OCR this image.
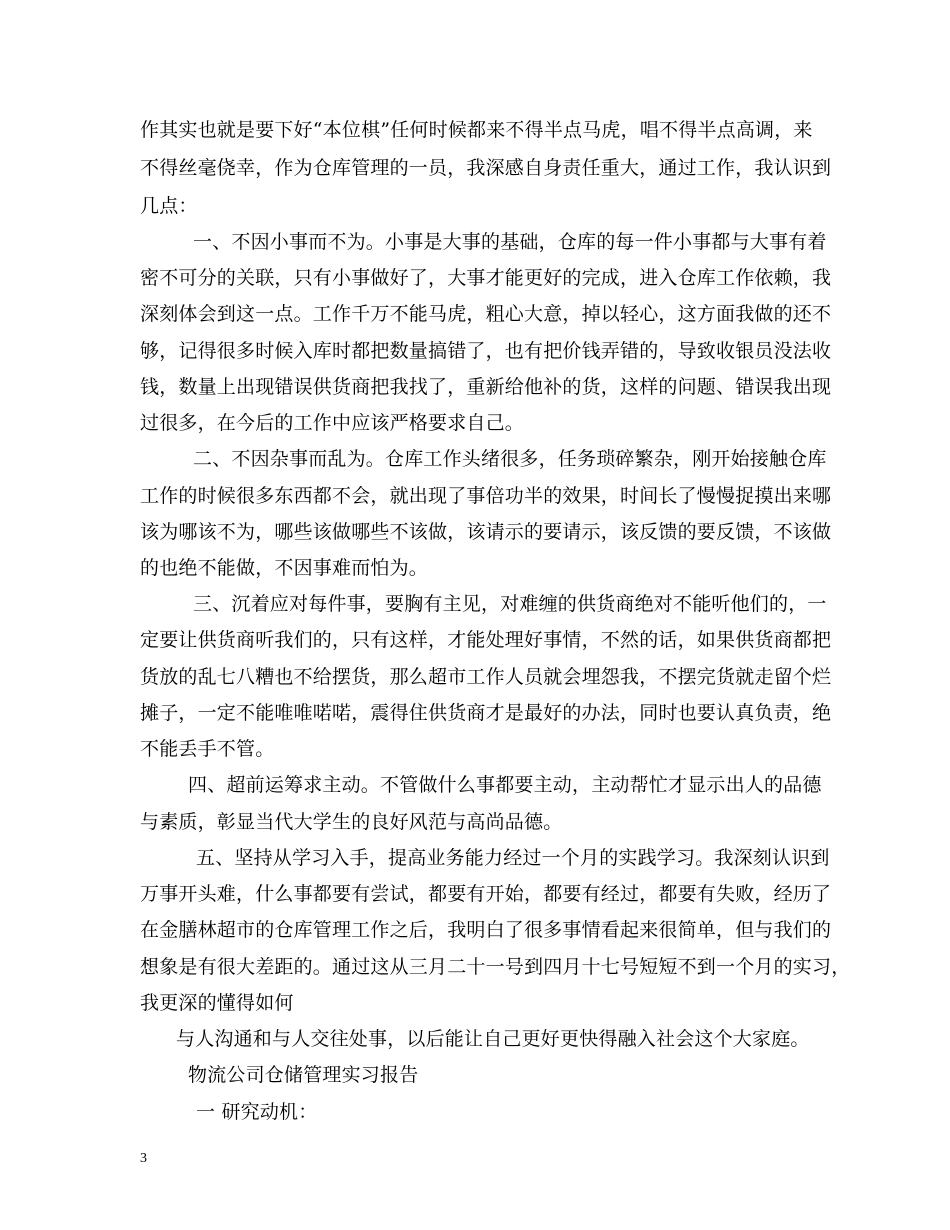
作其实也就是要下好“本位棋”任何时候都来不得半点马虎，唱不得半点高调，来
不得丝毫侥幸，作为仓库管理的一员，我深感自身责任重大，通过工作，我认识到
几点：
一、不因小事而不为。小事是大事的基础，仓库的每一件小事都与大事有着
密不可分的关联，只有小事做好了，大事才能更好的完成，进入仓库工作依赖，我
深刻体会到这一点。工作千万不能马虎，粗心大意，掉以轻心，这方面我做的还不
够，记得很多时候入库时都把数量搞错了，也有把价钱弄错的，导致收银员没法收
钱，数量上出现错误供货商把我找了，重新给他补的货，这样的问题、错误我出现
过很多，在今后的工作中应该严格要求自己。
二、不因杂事而乱为。仓库工作头绪很多，任务琐碎繁杂，刚开始接触仓库
工作的时候很多东西都不会，就出现了事倍功半的效果，时间长了慢慢捉摸出来哪
该为哪该不为，哪些该做哪些不该做，该请示的要请示，该反馈的要反馈，不该做
的也绝不能做，不因事难而怕为。
三、沉着应对每件事，要胸有主见，对难缠的供货商绝对不能听他们的，一
定要让供货商听我们的，只有这样，才能处理好事情，不然的话，如果供货商都把
货放的乱七八糟也不给摆货，那么超市工作人员就会埋怨我，不摆完货就走留个烂
摊子，一定不能唯唯喏喏，震得住供货商才是最好的办法，同时也要认真负责，绝
不能丢手不管。
四、超前运筹求主动。不管做什么事都要主动，主动帮忙才显示出人的品德
与素质，彰显当代大学生的良好风范与高尚品德。
五、坚持从学习入手，提高业务能力经过一个月的实践学习。我深刻认识到
万事开头难，什么事都要有尝试，都要有开始，都要有经过，都要有失败，经历了
在金膳林超市的仓库管理工作之后，我明白了很多事情看起来很简单，但与我们的
想象是有很大差距的。通过这从三月二十一号到四月十七号短短不到一个月的实习，
我更深的懂得如何
与人沟通和与人交往处事，以后能让自己更好更快得融入社会这个大家庭。
物流公司仓储管理实习报告
一 研究动机：
3
